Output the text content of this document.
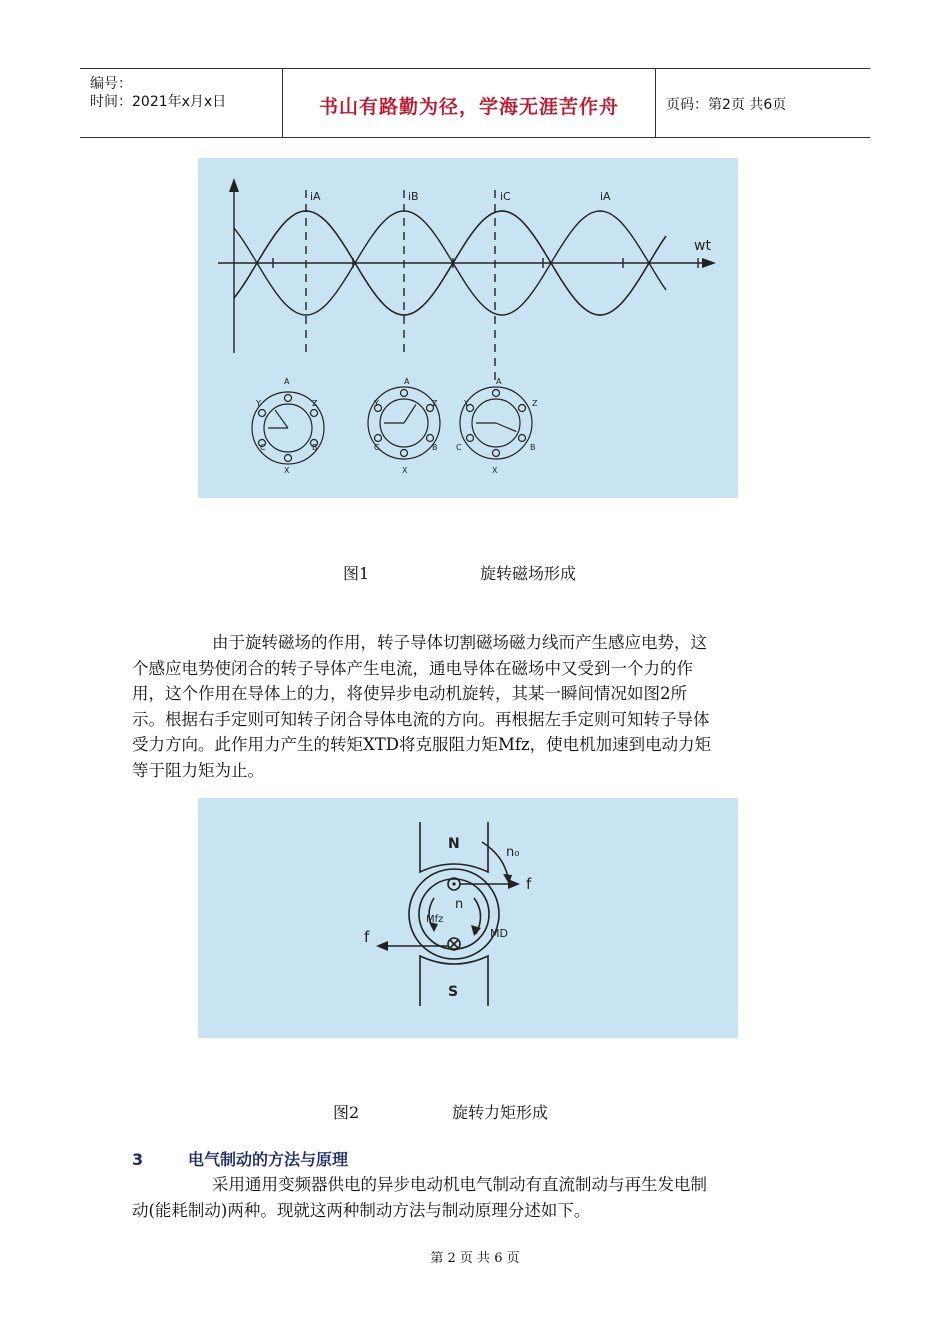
编号：
时间：2021年x月x日	书山有路勤为径，学海无涯苦作舟	页码：第2页 共6页
iA	iB	iC	iA
wt
A
X
Y	Z
C	B
A
X
Y	Z
C	B
A
X
Y	Z
C	B
图1	旋转磁场形成

由于旋转磁场的作用，转子导体切割磁场磁力线而产生感应电势，这
个感应电势使闭合的转子导体产生电流，通电导体在磁场中又受到一个力的作
用，这个作用在导体上的力，将使异步电动机旋转，其某一瞬间情况如图2所
示。根据右手定则可知转子闭合导体电流的方向。再根据左手定则可知转子导体
受力方向。此作用力产生的转矩XTD将克服阻力矩Mfz，使电机加速到电动力矩
等于阻力矩为止。

N
S
n₀
f
f
n
Mfz
MD
图2	旋转力矩形成
3	电气制动的方法与原理

采用通用变频器供电的异步电动机电气制动有直流制动与再生发电制
动(能耗制动)两种。现就这两种制动方法与制动原理分述如下。

第 2 页 共 6 页
